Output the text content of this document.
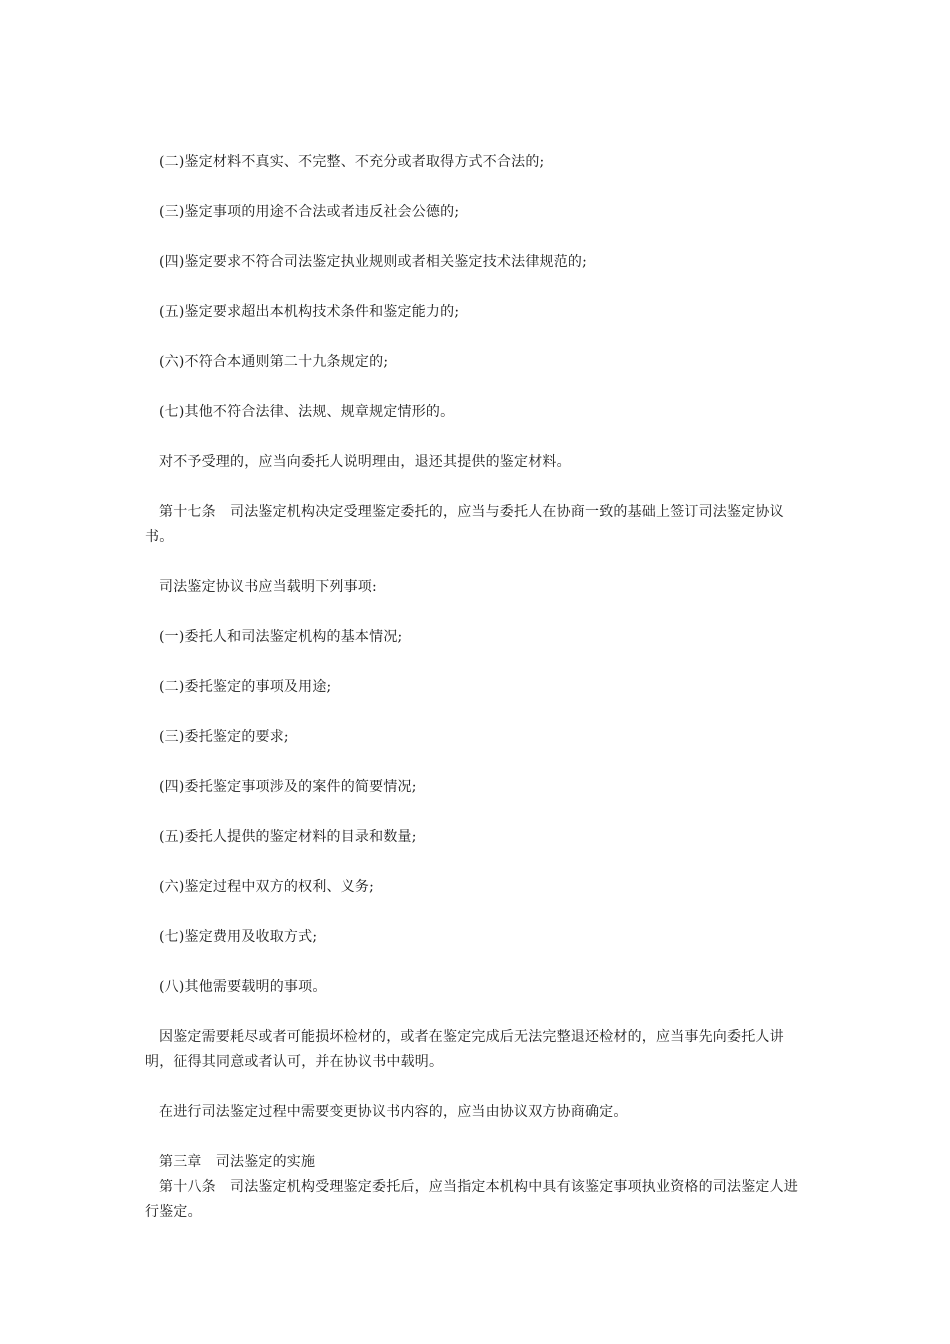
(二)鉴定材料不真实、不完整、不充分或者取得方式不合法的;

(三)鉴定事项的用途不合法或者违反社会公德的;

(四)鉴定要求不符合司法鉴定执业规则或者相关鉴定技术法律规范的;

(五)鉴定要求超出本机构技术条件和鉴定能力的;

(六)不符合本通则第二十九条规定的;

(七)其他不符合法律、法规、规章规定情形的。

对不予受理的，应当向委托人说明理由，退还其提供的鉴定材料。

第十七条　司法鉴定机构决定受理鉴定委托的，应当与委托人在协商一致的基础上签订司法鉴定协议书。

司法鉴定协议书应当载明下列事项:

(一)委托人和司法鉴定机构的基本情况;

(二)委托鉴定的事项及用途;

(三)委托鉴定的要求;

(四)委托鉴定事项涉及的案件的简要情况;

(五)委托人提供的鉴定材料的目录和数量;

(六)鉴定过程中双方的权利、义务;

(七)鉴定费用及收取方式;

(八)其他需要载明的事项。

因鉴定需要耗尽或者可能损坏检材的，或者在鉴定完成后无法完整退还检材的，应当事先向委托人讲明，征得其同意或者认可，并在协议书中载明。

在进行司法鉴定过程中需要变更协议书内容的，应当由协议双方协商确定。

第三章　司法鉴定的实施

第十八条　司法鉴定机构受理鉴定委托后，应当指定本机构中具有该鉴定事项执业资格的司法鉴定人进行鉴定。
